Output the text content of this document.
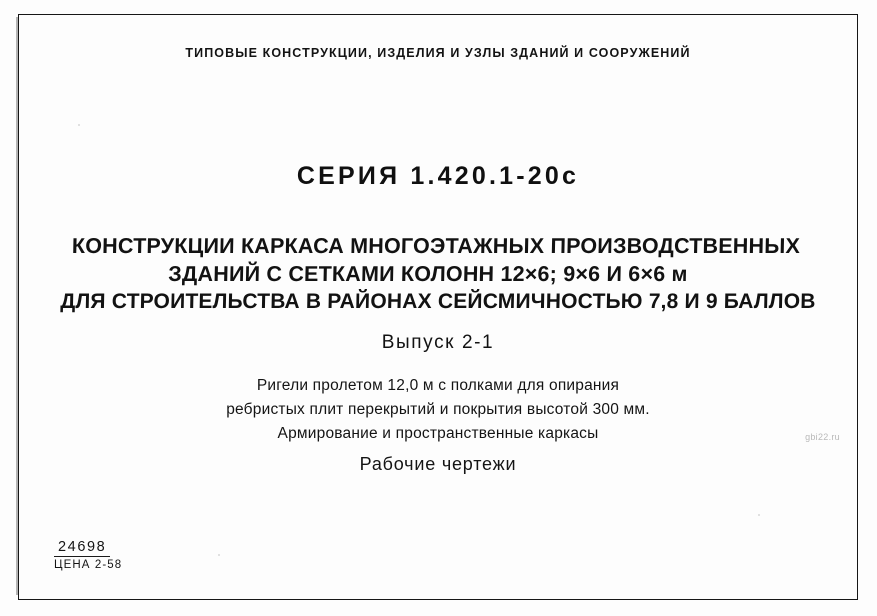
ТИПОВЫЕ КОНСТРУКЦИИ, ИЗДЕЛИЯ И УЗЛЫ ЗДАНИЙ И СООРУЖЕНИЙ
СЕРИЯ 1.420.1-20с
КОНСТРУКЦИИ КАРКАСА МНОГОЭТАЖНЫХ ПРОИЗВОДСТВЕННЫХ
ЗДАНИЙ С СЕТКАМИ КОЛОНН 12×6; 9×6 И 6×6 м
ДЛЯ СТРОИТЕЛЬСТВА В РАЙОНАХ СЕЙСМИЧНОСТЬЮ 7,8 И 9 БАЛЛОВ
Выпуск 2-1
Ригели пролетом 12,0 м с полками для опирания
ребристых плит перекрытий и покрытия высотой 300 мм.
Армирование и пространственные каркасы
Рабочие чертежи
24698
ЦЕНА 2-58
gbi22.ru
